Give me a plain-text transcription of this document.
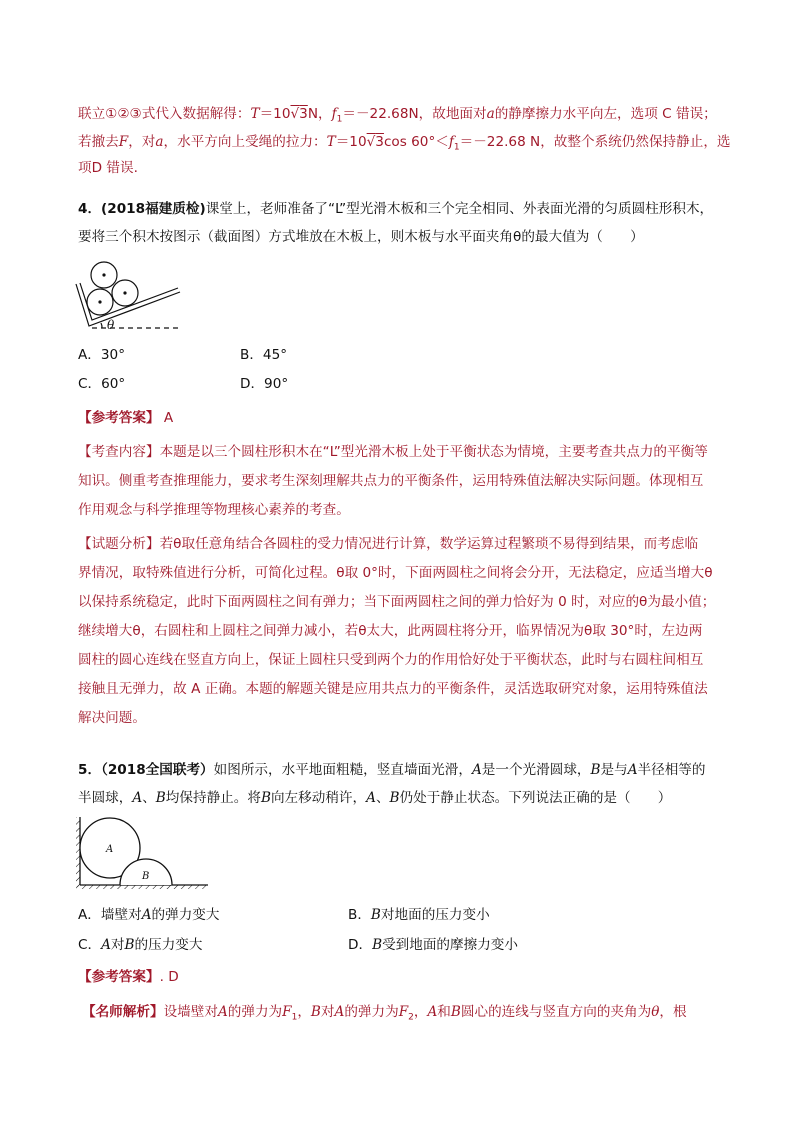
联立①②③式代入数据解得：T＝10√3N，$f_1=-22.68N$，故地面对a的静摩擦力水平向左，选项 C 错误；
若撤去F，对a，水平方向上受绳的拉力：T＝10√3cos $60^\circ<f_1=-22.68$ N，故整个系统仍然保持静止，选
项D 错误.
4．(2018福建质检)课堂上，老师准备了“L”型光滑木板和三个完全相同、外表面光滑的匀质圆柱形积木，
要将三个积木按图示（截面图）方式堆放在木板上，则木板与水平面夹角θ的最大值为（　　）
θ
A．30°	B．45°
C．60°	D．90°
【参考答案】 A
【考查内容】本题是以三个圆柱形积木在“L”型光滑木板上处于平衡状态为情境，主要考查共点力的平衡等
知识。侧重考查推理能力，要求考生深刻理解共点力的平衡条件，运用特殊值法解决实际问题。体现相互
作用观念与科学推理等物理核心素养的考查。
【试题分析】若θ取任意角结合各圆柱的受力情况进行计算，数学运算过程繁琐不易得到结果，而考虑临
界情况，取特殊值进行分析，可简化过程。θ取 0°时，下面两圆柱之间将会分开，无法稳定，应适当增大θ
以保持系统稳定，此时下面两圆柱之间有弹力；当下面两圆柱之间的弹力恰好为 0 时，对应的θ为最小值；
继续增大θ，右圆柱和上圆柱之间弹力减小，若θ太大，此两圆柱将分开，临界情况为θ取 30°时，左边两
圆柱的圆心连线在竖直方向上，保证上圆柱只受到两个力的作用恰好处于平衡状态，此时与右圆柱间相互
接触且无弹力，故 A 正确。本题的解题关键是应用共点力的平衡条件，灵活选取研究对象，运用特殊值法
解决问题。
5．（2018全国联考）如图所示，水平地面粗糙，竖直墙面光滑，A是一个光滑圆球，B是与A半径相等的
半圆球，A、B均保持静止。将B向左移动稍许，A、B仍处于静止状态。下列说法正确的是（　　）
A
B
A．墙壁对A的弹力变大	B．B对地面的压力变小
C．A对B的压力变大	D．B受到地面的摩擦力变小
【参考答案】. D
【名师解析】设墙壁对A的弹力为$F_1$，B对A的弹力为$F_2$，A和B圆心的连线与竖直方向的夹角为θ，根
